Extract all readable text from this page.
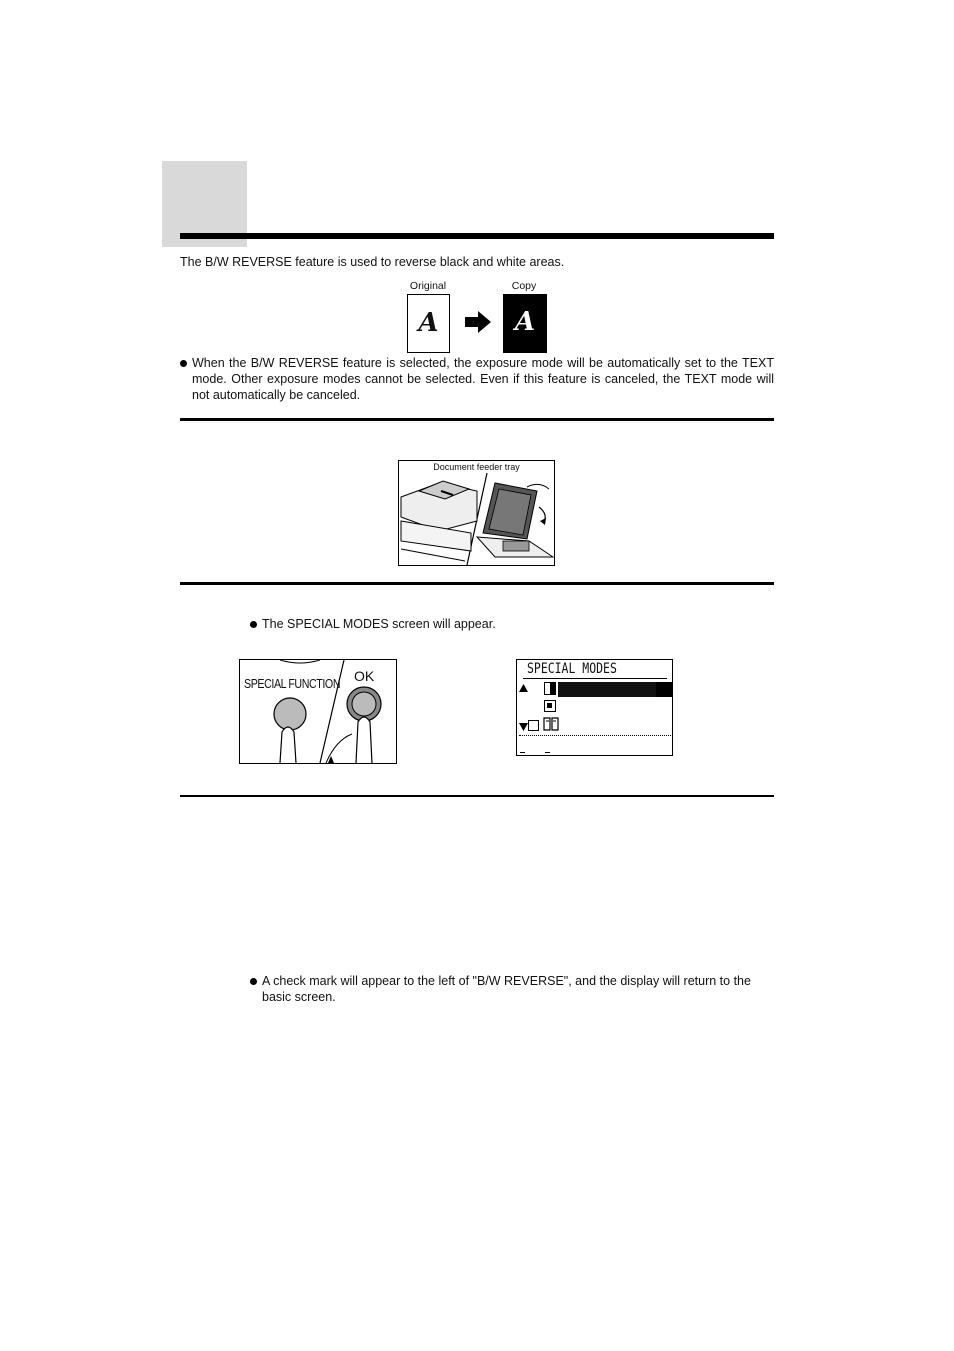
The B/W REVERSE feature is used to reverse black and white areas.
Original	Copy
A	A
When the B/W REVERSE feature is selected, the exposure mode will be automatically set to the TEXT mode. Other exposure modes cannot be selected. Even if this feature is canceled, the TEXT mode will not automatically be canceled.
Document feeder tray
The SPECIAL MODES screen will appear.
SPECIAL FUNCTION OK	SPECIAL MODES
A check mark will appear to the left of "B/W REVERSE", and the display will return to the basic screen.
